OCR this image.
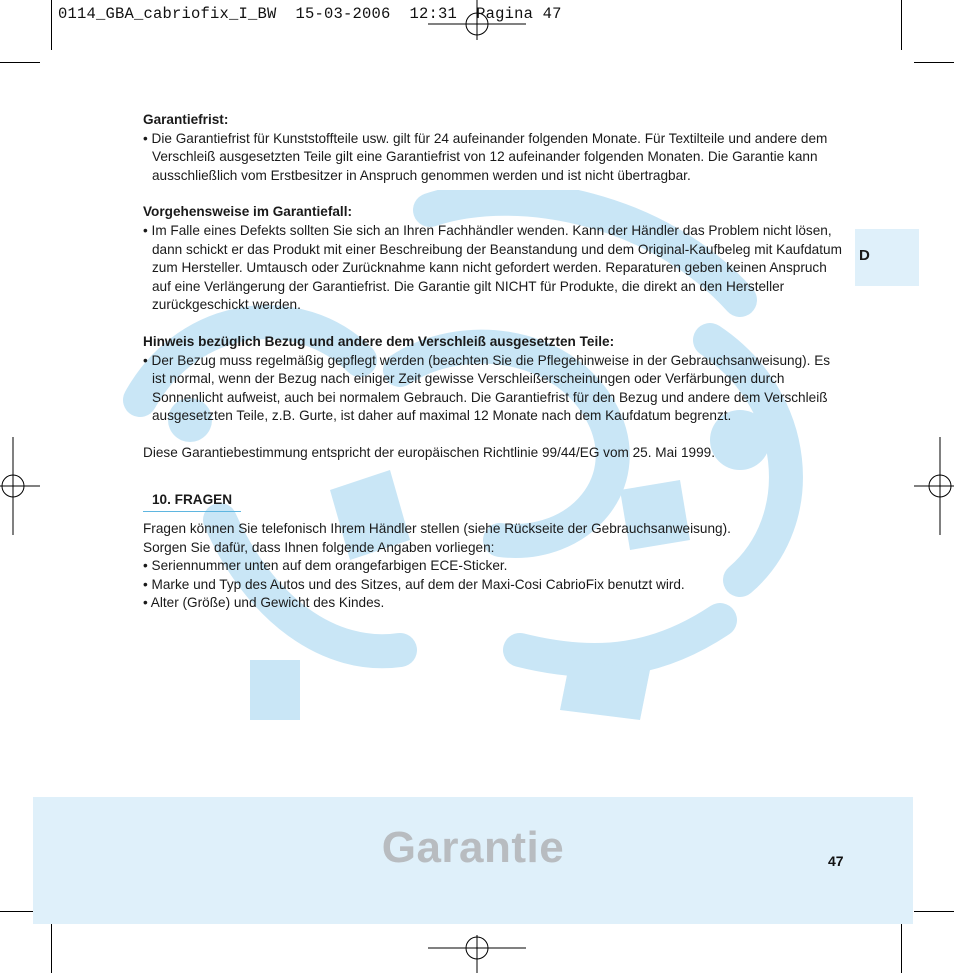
0114_GBA_cabriofix_I_BW  15-03-2006  12:31  Pagina 47
D

Garantiefrist:

• Die Garantiefrist für Kunststoffteile usw. gilt für 24 aufeinander folgenden Monate. Für Textilteile und andere dem Verschleiß ausgesetzten Teile gilt eine Garantiefrist von 12 aufeinander folgenden Monaten. Die Garantie kann ausschließlich vom Erstbesitzer in Anspruch genommen werden und ist nicht übertragbar.

Vorgehensweise im Garantiefall:

• Im Falle eines Defekts sollten Sie sich an Ihren Fachhändler wenden. Kann der Händler das Problem nicht lösen, dann schickt er das Produkt mit einer Beschreibung der Beanstandung und dem Original-Kaufbeleg mit Kaufdatum zum Hersteller. Umtausch oder Zurücknahme kann nicht gefordert werden. Reparaturen geben keinen Anspruch auf eine Verlängerung der Garantiefrist. Die Garantie gilt NICHT für Produkte, die direkt an den Hersteller zurückgeschickt werden.

Hinweis bezüglich Bezug und andere dem Verschleiß ausgesetzten Teile:

• Der Bezug muss regelmäßig gepflegt werden (beachten Sie die Pflegehinweise in der Gebrauchsanweisung). Es ist normal, wenn der Bezug nach einiger Zeit gewisse Verschleißerscheinungen oder Verfärbungen durch Sonnenlicht aufweist, auch bei normalem Gebrauch. Die Garantiefrist für den Bezug und andere dem Verschleiß ausgesetzten Teile, z.B. Gurte, ist daher auf maximal 12 Monate nach dem Kaufdatum begrenzt.

Diese Garantiebestimmung entspricht der europäischen Richtlinie 99/44/EG vom 25. Mai 1999.

10. FRAGEN

Fragen können Sie telefonisch Ihrem Händler stellen (siehe Rückseite der Gebrauchsanweisung).

Sorgen Sie dafür, dass Ihnen folgende Angaben vorliegen:

• Seriennummer unten auf dem orangefarbigen ECE-Sticker.

• Marke und Typ des Autos und des Sitzes, auf dem der Maxi-Cosi CabrioFix benutzt wird.

• Alter (Größe) und Gewicht des Kindes.

Garantie	47
